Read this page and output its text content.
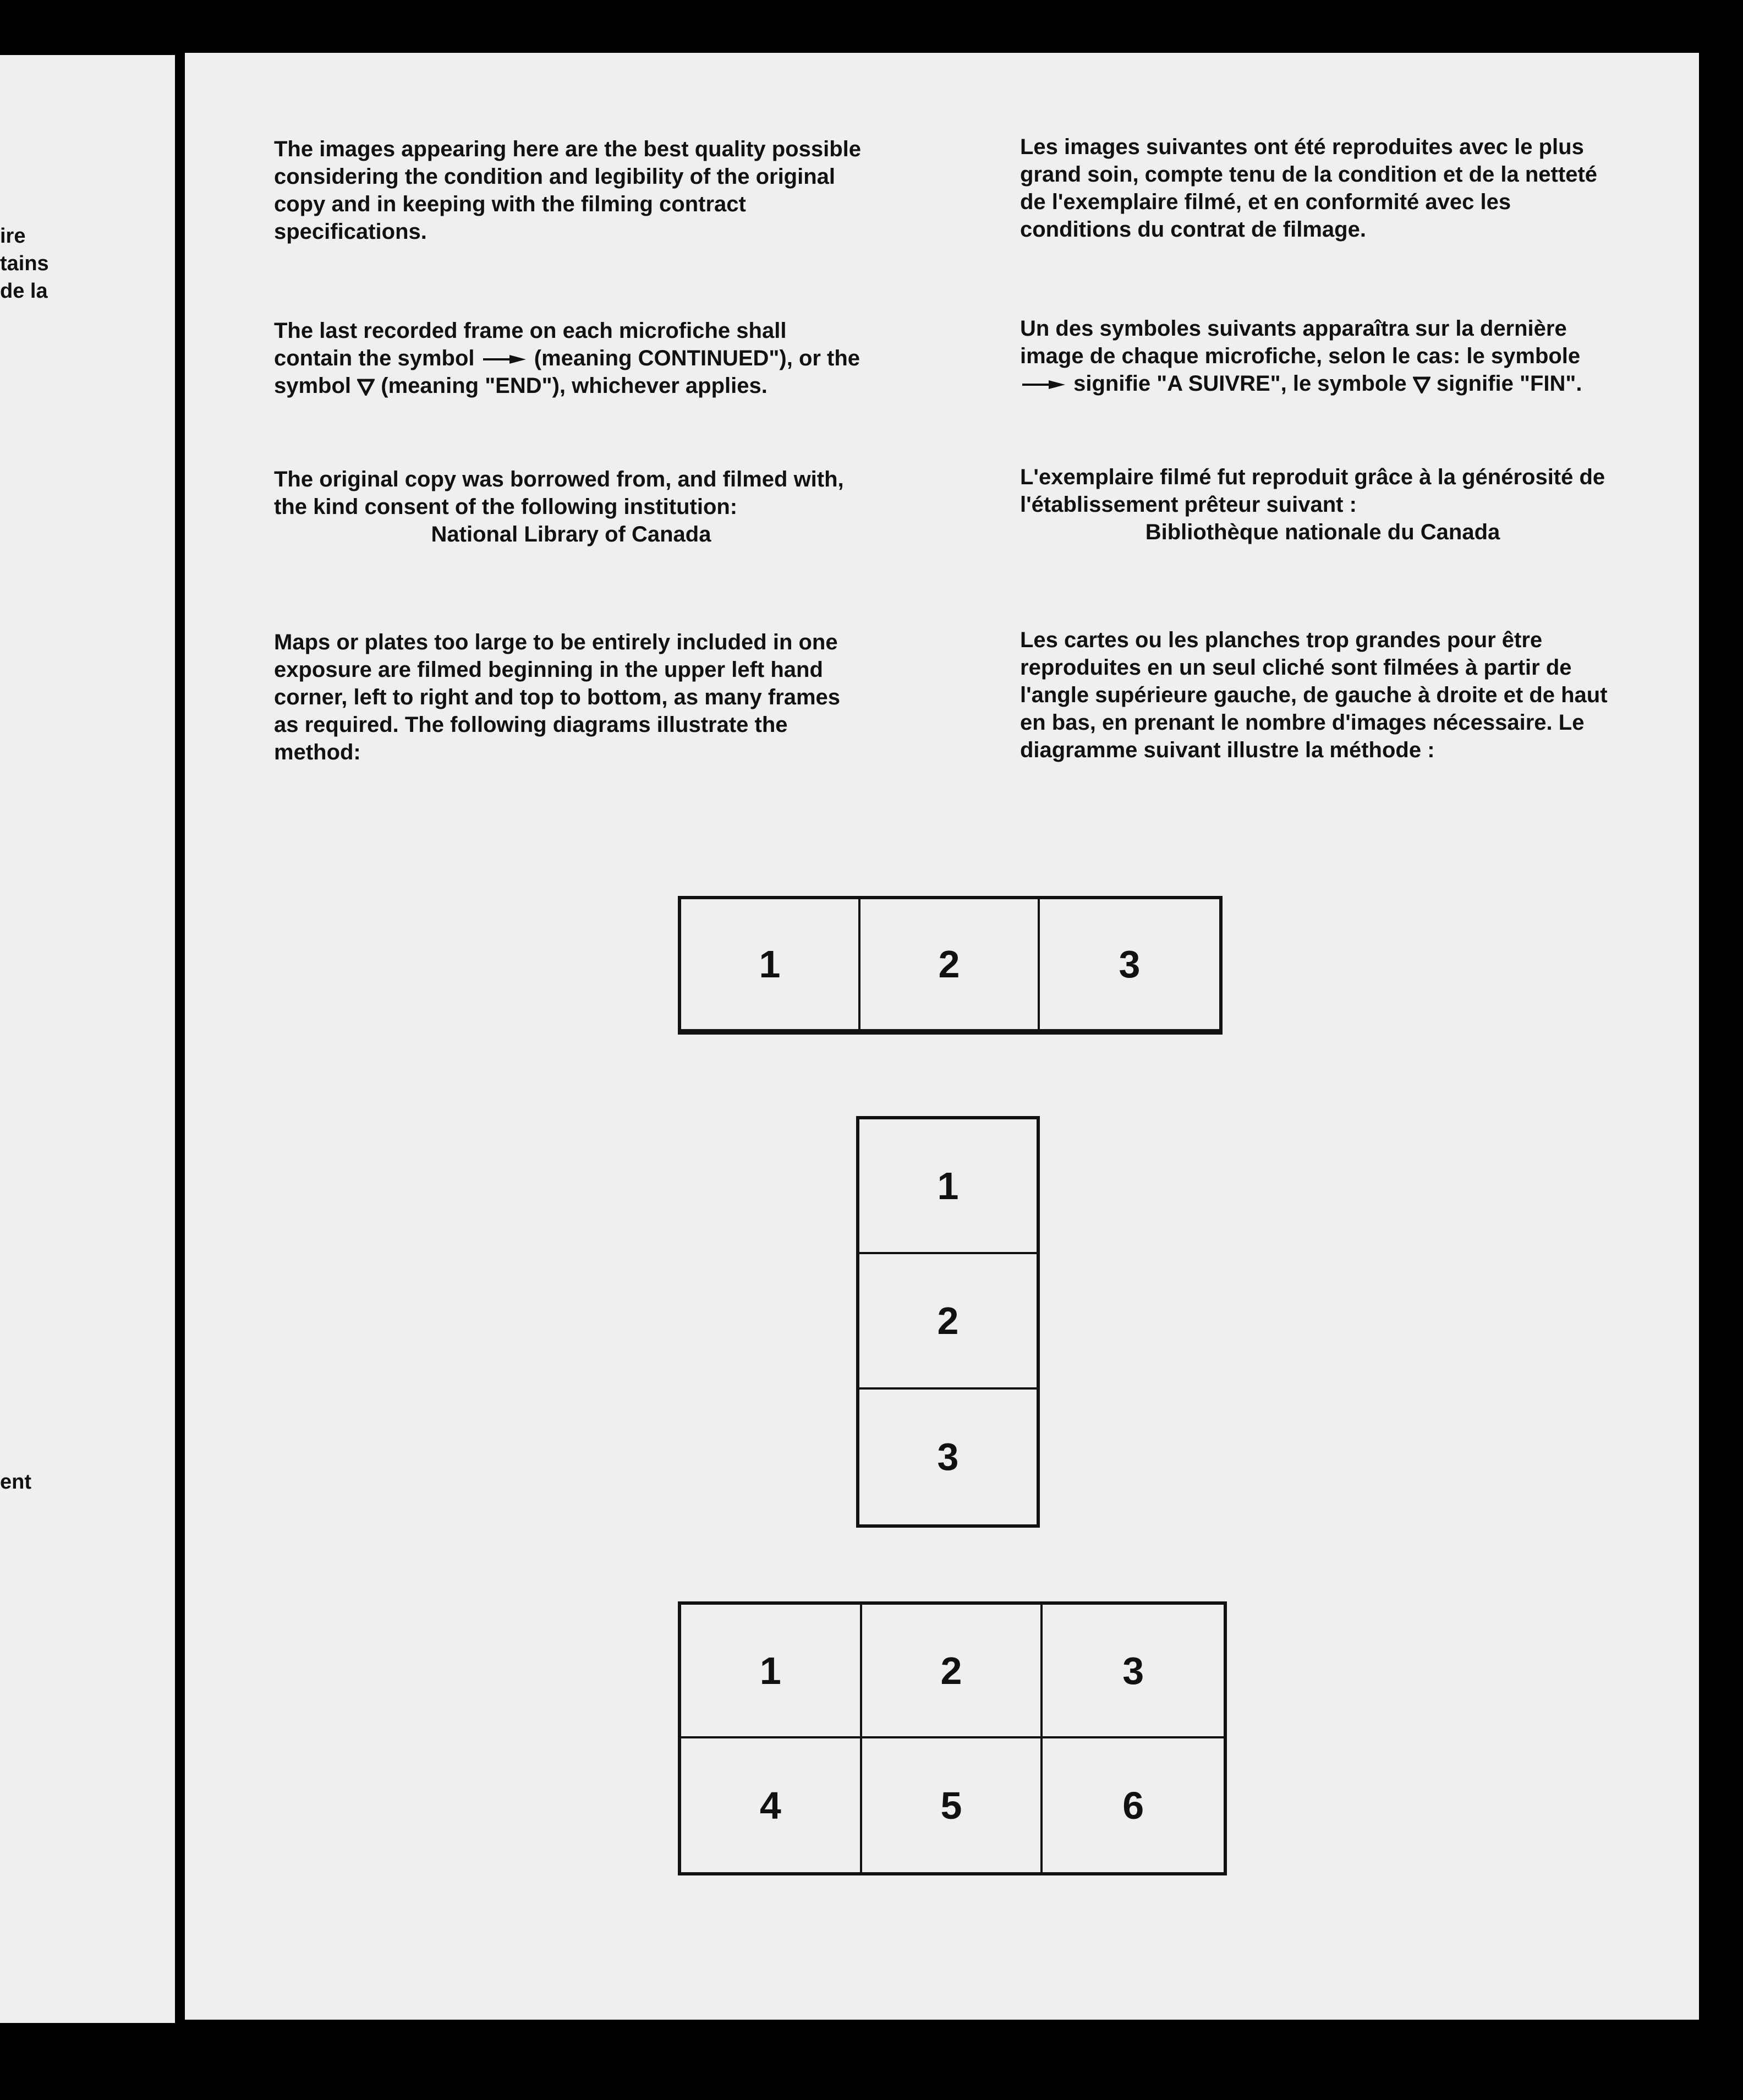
ire
tains
de la
ent

The images appearing here are the best quality possible considering the condition and legibility of the original copy and in keeping with the filming contract specifications.

The last recorded frame on each microfiche shall contain the symbol	(meaning CONTINUED"), or the symbol (meaning "END"), whichever applies.

The original copy was borrowed from, and filmed with, the kind consent of the following institution:

National Library of Canada

Maps or plates too large to be entirely included in one exposure are filmed beginning in the upper left hand corner, left to right and top to bottom, as many frames as required. The following diagrams illustrate the method:

Les images suivantes ont été reproduites avec le plus grand soin, compte tenu de la condition et de la netteté de l'exemplaire filmé, et en conformité avec les conditions du contrat de filmage.

Un des symboles suivants apparaîtra sur la dernière image de chaque microfiche, selon le cas: le symbole
signifie "A SUIVRE", le symbole signifie "FIN".

L'exemplaire filmé fut reproduit grâce à la générosité de l'établissement prêteur suivant :

Bibliothèque nationale du Canada

Les cartes ou les planches trop grandes pour être reproduites en un seul cliché sont filmées à partir de l'angle supérieure gauche, de gauche à droite et de haut en bas, en prenant le nombre d'images nécessaire. Le diagramme suivant illustre la méthode :

1	2	3
1
2
3
1	2	3
4	5	6
